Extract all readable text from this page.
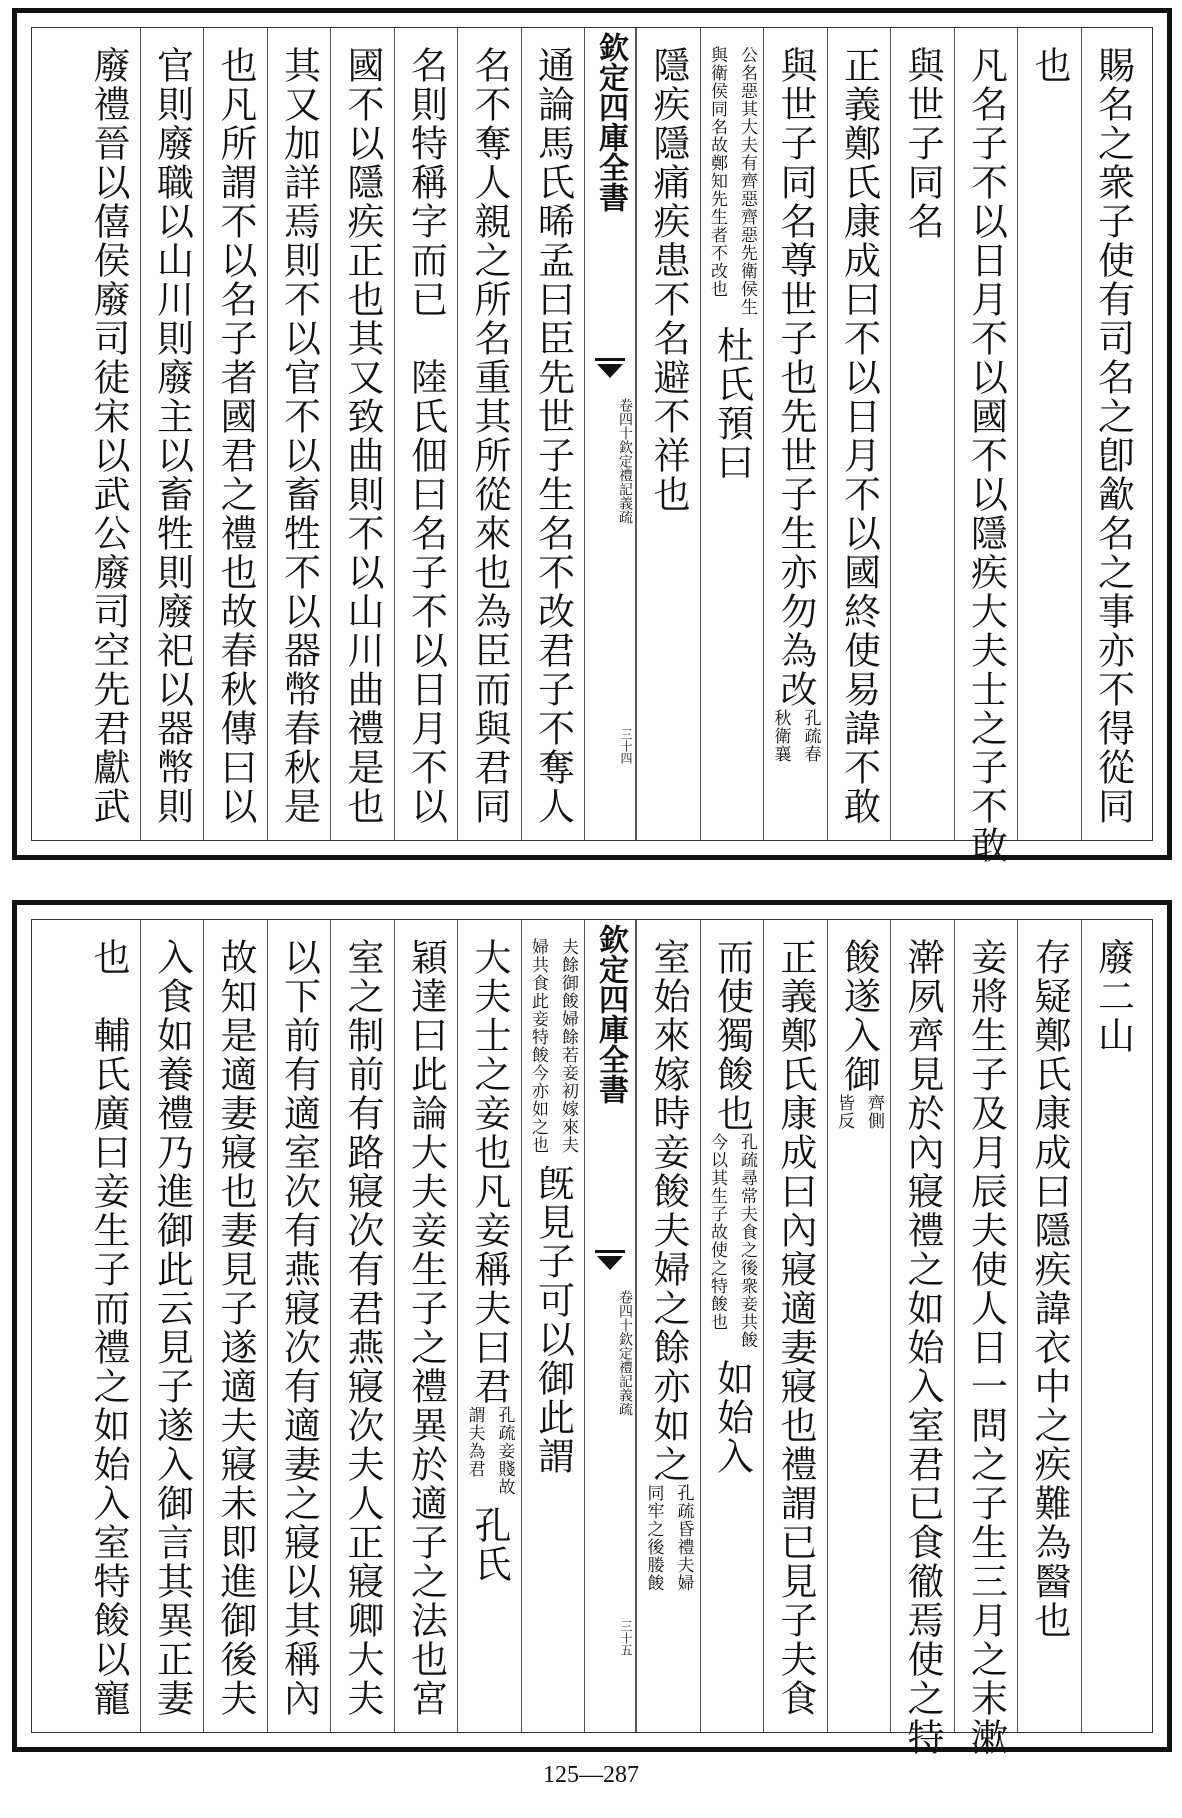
賜名之衆子使有司名之卽㱃名之事亦不得從同
也
凡名子不以日月不以國不以隱疾大夫士之子不敢
與世子同名
正義鄭氏康成曰不以日月不以國終使易諱不敢
與世子同名尊世子也先世子生亦勿為改
孔疏春
秋衛襄
公名惡其大夫有齊惡齊惡先衛侯生
與衛侯同名故鄭知先生者不改也
杜氏預曰
隱疾隱痛疾患不名避不祥也
欽定四庫全書
欽定禮記義疏
卷四十
三十四
通論馬氏晞孟曰臣先世子生名不改君子不奪人
名不奪人親之所名重其所從來也為臣而與君同
名則特稱字而已　陸氏佃曰名子不以日月不以
國不以隱疾正也其又致曲則不以山川曲禮是也
其又加詳焉則不以官不以畜牲不以器幣春秋是
也凡所謂不以名子者國君之禮也故春秋傳曰以
官則廢職以山川則廢主以畜牲則廢祀以器幣則
廢禮晉以僖侯廢司徒宋以武公廢司空先君獻武
廢二山
存疑鄭氏康成曰隱疾諱衣中之疾難為醫也
妾將生子及月辰夫使人日一問之子生三月之末漱
澣夙齊見於內寢禮之如始入室君已食徹焉使之特
餕遂入御
齊側
皆反
正義鄭氏康成曰內寢適妻寢也禮謂已見子夫食
而使獨餕也
孔疏尋常夫食之後衆妾共餕
今以其生子故使之特餕也
如始入
室始來嫁時妾餕夫婦之餘亦如之
孔疏昏禮夫婦
同牢之後媵餕
欽定四庫全書
欽定禮記義疏
卷四十
三十五
夫餘御餕婦餘若妾初嫁來夫
婦共食此妾特餕今亦如之也
旣見子可以御此謂
大夫士之妾也凡妾稱夫曰君
孔疏妾賤故
謂夫為君
孔氏
穎達曰此論大夫妾生子之禮異於適子之法也宮
室之制前有路寢次有君燕寢次夫人正寢卿大夫
以下前有適室次有燕寢次有適妻之寢以其稱內
故知是適妻寢也妻見子遂適夫寢未即進御後夫
入食如養禮乃進御此云見子遂入御言其異正妻
也　輔氏廣曰妾生子而禮之如始入室特餕以寵
125—287
